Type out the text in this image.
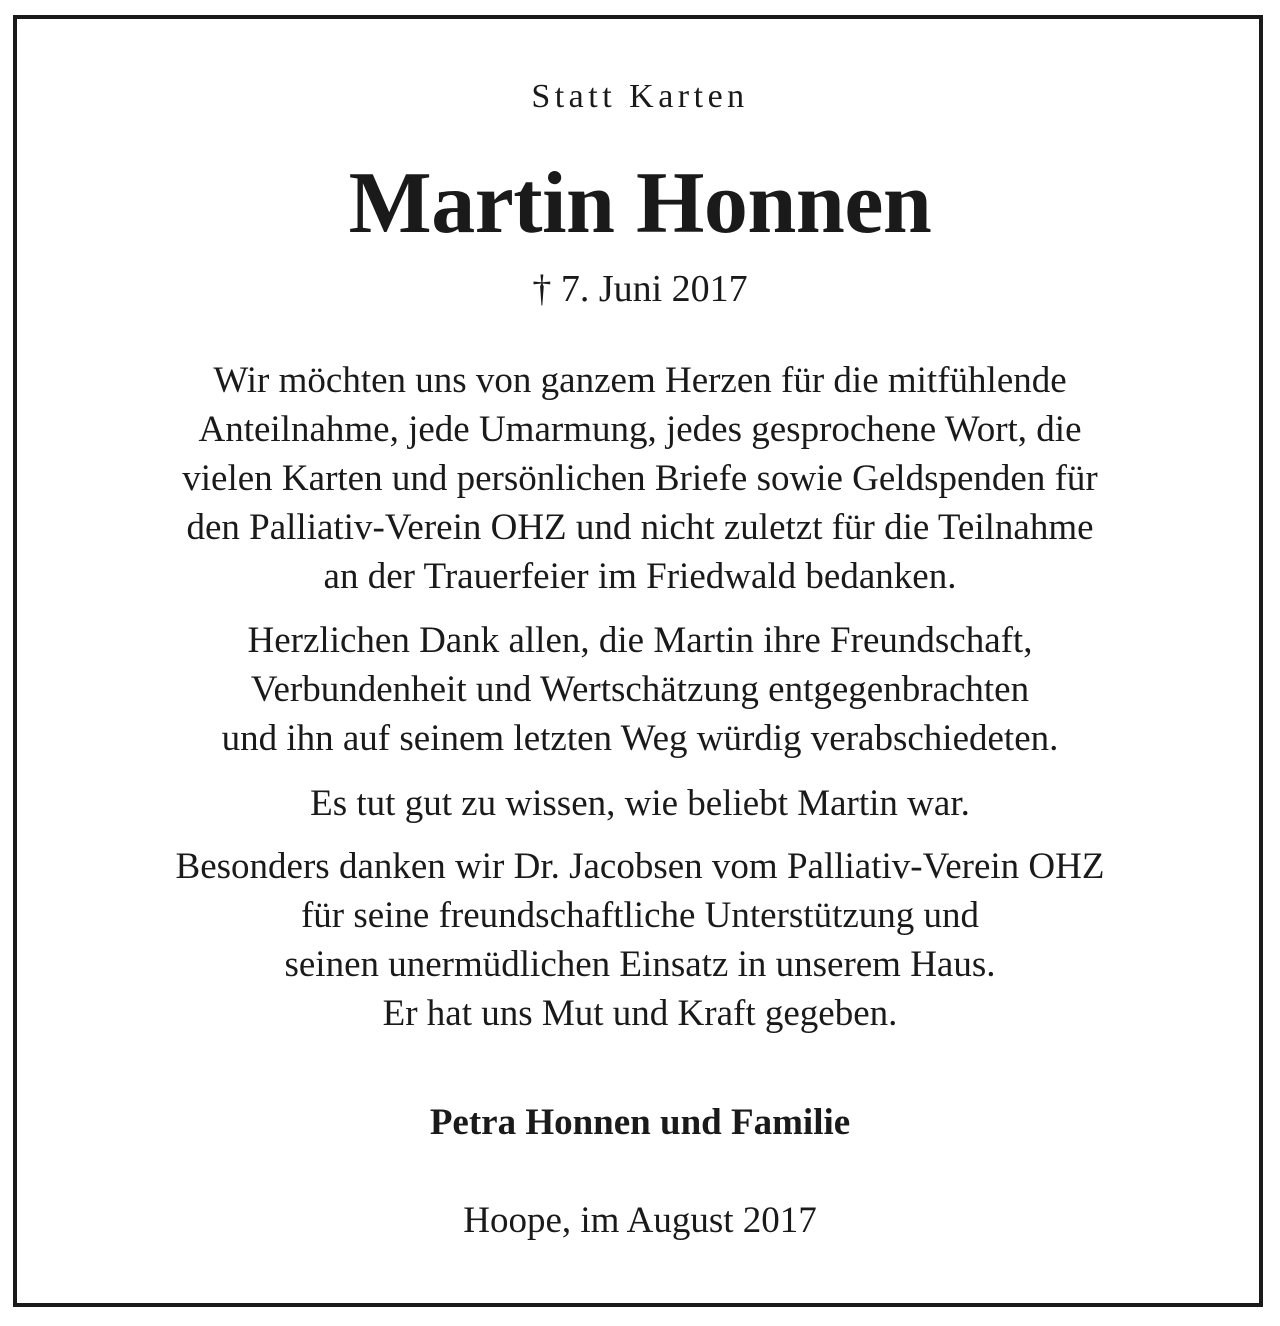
Statt Karten
Martin Honnen
† 7. Juni 2017
Wir möchten uns von ganzem Herzen für die mitfühlende
Anteilnahme, jede Umarmung, jedes gesprochene Wort, die
vielen Karten und persönlichen Briefe sowie Geldspenden für
den Palliativ-Verein OHZ und nicht zuletzt für die Teilnahme
an der Trauerfeier im Friedwald bedanken.
Herzlichen Dank allen, die Martin ihre Freundschaft,
Verbundenheit und Wertschätzung entgegenbrachten
und ihn auf seinem letzten Weg würdig verabschiedeten.
Es tut gut zu wissen, wie beliebt Martin war.
Besonders danken wir Dr. Jacobsen vom Palliativ-Verein OHZ
für seine freundschaftliche Unterstützung und
seinen unermüdlichen Einsatz in unserem Haus.
Er hat uns Mut und Kraft gegeben.
Petra Honnen und Familie
Hoope, im August 2017
